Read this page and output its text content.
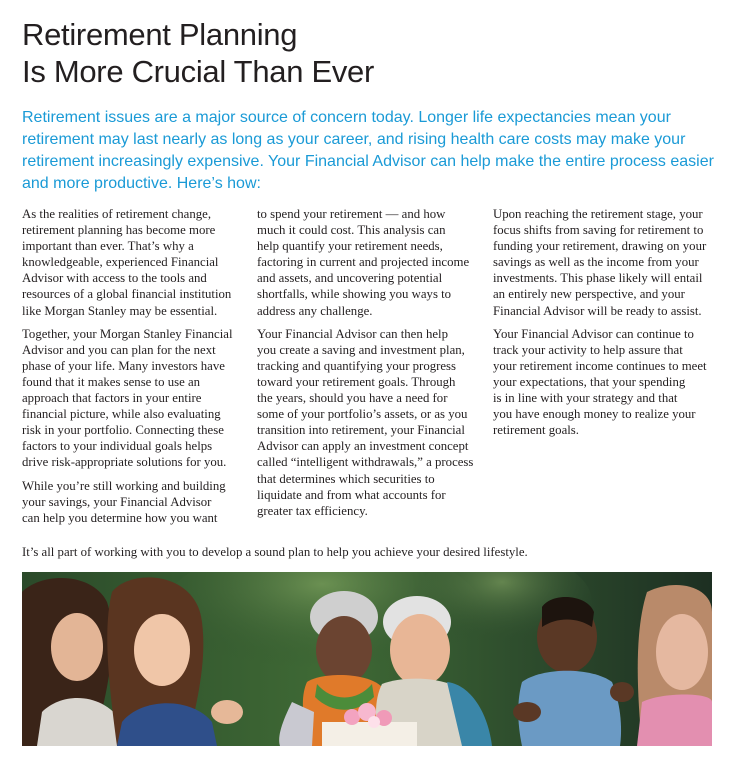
Retirement Planning
Is More Crucial Than Ever
Retirement issues are a major source of concern today. Longer life expectancies mean your
retirement may last nearly as long as your career, and rising health care costs may make your
retirement increasingly expensive. Your Financial Advisor can help make the entire process easier
and more productive. Here’s how:

As the realities of retirement change,
retirement planning has become more
important than ever. That’s why a
knowledgeable, experienced Financial
Advisor with access to the tools and
resources of a global financial institution
like Morgan Stanley may be essential.

Together, your Morgan Stanley Financial
Advisor and you can plan for the next
phase of your life. Many investors have
found that it makes sense to use an
approach that factors in your entire
financial picture, while also evaluating
risk in your portfolio. Connecting these
factors to your individual goals helps
drive risk-appropriate solutions for you.

While you’re still working and building
your savings, your Financial Advisor
can help you determine how you want

to spend your retirement — and how
much it could cost. This analysis can
help quantify your retirement needs,
factoring in current and projected income
and assets, and uncovering potential
shortfalls, while showing you ways to
address any challenge.

Your Financial Advisor can then help
you create a saving and investment plan,
tracking and quantifying your progress
toward your retirement goals. Through
the years, should you have a need for
some of your portfolio’s assets, or as you
transition into retirement, your Financial
Advisor can apply an investment concept
called “intelligent withdrawals,” a process
that determines which securities to
liquidate and from what accounts for
greater tax efficiency.

Upon reaching the retirement stage, your
focus shifts from saving for retirement to
funding your retirement, drawing on your
savings as well as the income from your
investments. This phase likely will entail
an entirely new perspective, and your
Financial Advisor will be ready to assist.

Your Financial Advisor can continue to
track your activity to help assure that
your retirement income continues to meet
your expectations, that your spending
is in line with your strategy and that
you have enough money to realize your
retirement goals.

It’s all part of working with you to develop a sound plan to help you achieve your desired lifestyle.
